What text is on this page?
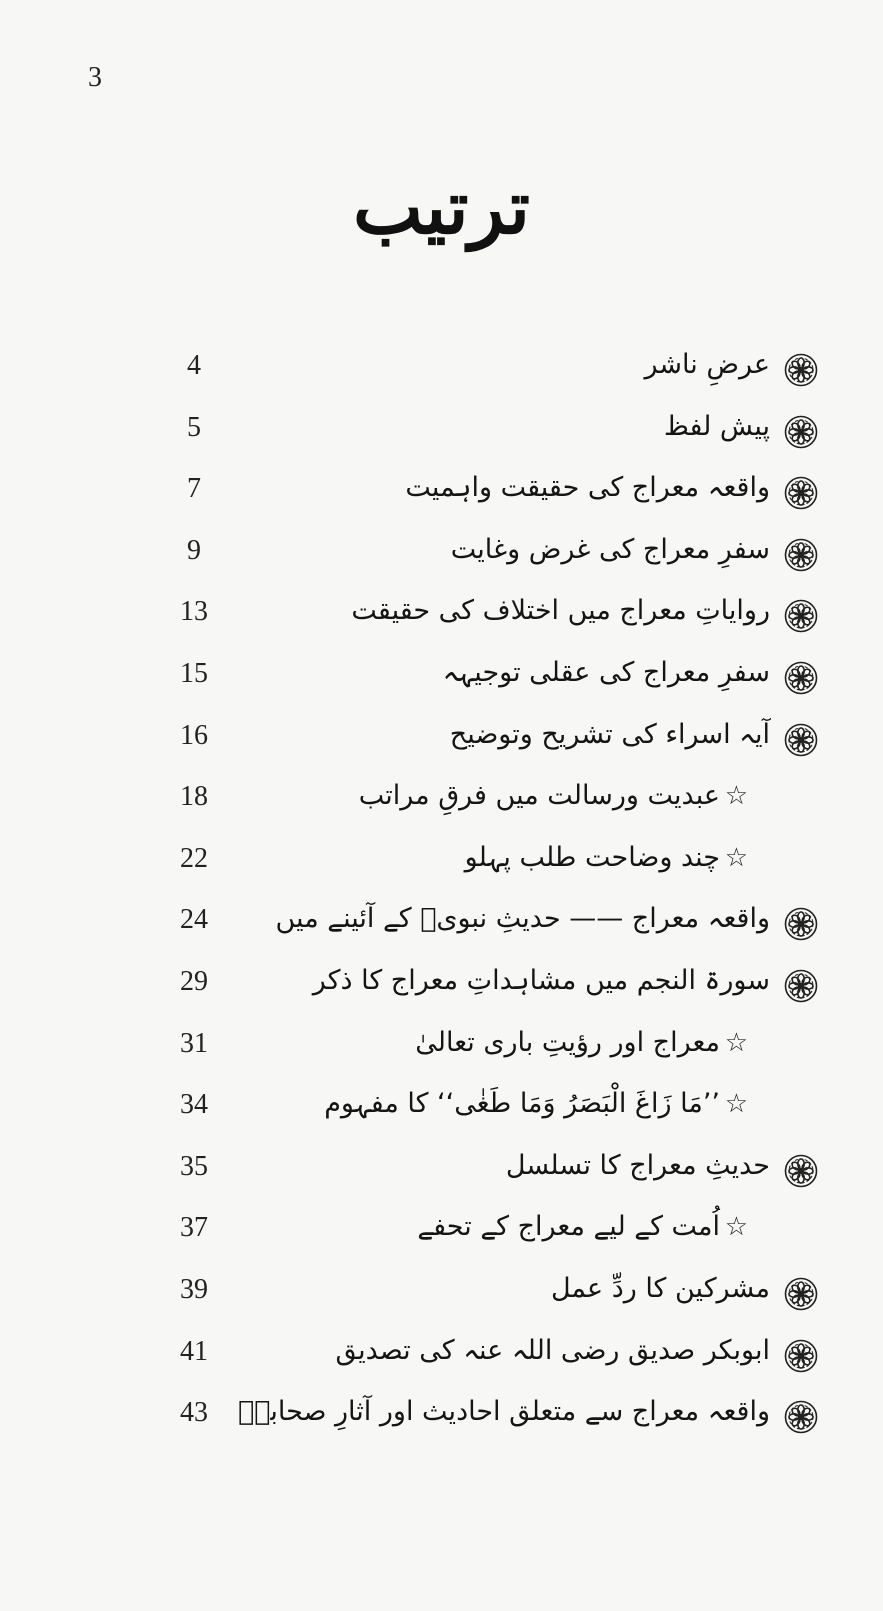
3
ترتیب
4	عرضِ ناشر
5	پیش لفظ
7	واقعہ معراج کی حقیقت واہمیت
9	سفرِ معراج کی غرض وغایت
13	روایاتِ معراج میں اختلاف کی حقیقت
15	سفرِ معراج کی عقلی توجیہہ
16	آیہ اسراء کی تشریح وتوضیح
18	عبدیت ورسالت میں فرقِ مراتب ☆
22	چند وضاحت طلب پہلو ☆
24	واقعہ معراج —— حدیثِ نبویؐ کے آئینے میں
29	سورۃ النجم میں مشاہداتِ معراج کا ذکر
31	معراج اور رؤیتِ باری تعالیٰ ☆
34	’’مَا زَاغَ الْبَصَرُ وَمَا طَغٰی‘‘ کا مفہوم ☆
35	حدیثِ معراج کا تسلسل
37	اُمت کے لیے معراج کے تحفے ☆
39	مشرکین کا ردِّ عمل
41	ابوبکر صدیق رضی اللہ عنہ کی تصدیق
43	واقعہ معراج سے متعلق احادیث اور آثارِ صحابہؓ
